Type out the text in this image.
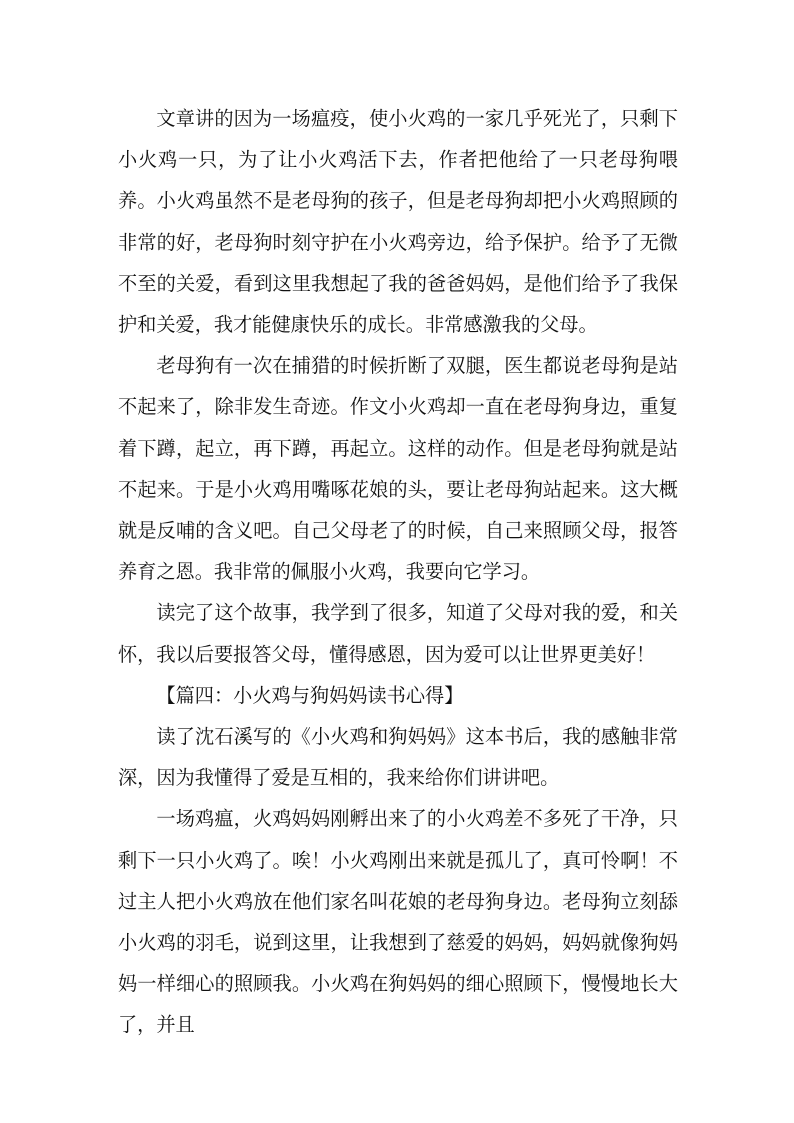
文章讲的因为一场瘟疫，使小火鸡的一家几乎死光了，只剩下小火鸡一只，为了让小火鸡活下去，作者把他给了一只老母狗喂养。小火鸡虽然不是老母狗的孩子，但是老母狗却把小火鸡照顾的非常的好，老母狗时刻守护在小火鸡旁边，给予保护。给予了无微不至的关爱，看到这里我想起了我的爸爸妈妈，是他们给予了我保护和关爱，我才能健康快乐的成长。非常感激我的父母。

老母狗有一次在捕猎的时候折断了双腿，医生都说老母狗是站不起来了，除非发生奇迹。作文小火鸡却一直在老母狗身边，重复着下蹲，起立，再下蹲，再起立。这样的动作。但是老母狗就是站不起来。于是小火鸡用嘴啄花娘的头，要让老母狗站起来。这大概就是反哺的含义吧。自己父母老了的时候，自己来照顾父母，报答养育之恩。我非常的佩服小火鸡，我要向它学习。

读完了这个故事，我学到了很多，知道了父母对我的爱，和关怀，我以后要报答父母，懂得感恩，因为爱可以让世界更美好！

【篇四：小火鸡与狗妈妈读书心得】

读了沈石溪写的《小火鸡和狗妈妈》这本书后，我的感触非常深，因为我懂得了爱是互相的，我来给你们讲讲吧。

一场鸡瘟，火鸡妈妈刚孵出来了的小火鸡差不多死了干净，只剩下一只小火鸡了。唉！小火鸡刚出来就是孤儿了，真可怜啊！不过主人把小火鸡放在他们家名叫花娘的老母狗身边。老母狗立刻舔小火鸡的羽毛，说到这里，让我想到了慈爱的妈妈，妈妈就像狗妈妈一样细心的照顾我。小火鸡在狗妈妈的细心照顾下，慢慢地长大了，并且
